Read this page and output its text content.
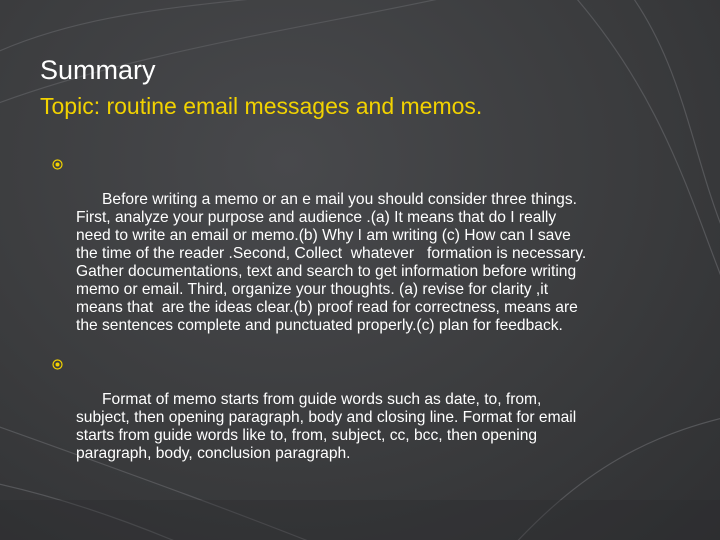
Summary
Topic: routine email messages and memos.

Before writing a memo or an e mail you should consider three things. First, analyze your purpose and audience .(a) It means that do I really need to write an email or memo.(b) Why I am writing (c) How can I save the time of the reader .Second, Collect  whatever   formation is necessary. Gather documentations, text and search to get information before writing memo or email. Third, organize your thoughts. (a) revise for clarity ,it means that  are the ideas clear.(b) proof read for correctness, means are the sentences complete and punctuated properly.(c) plan for feedback.

Format of memo starts from guide words such as date, to, from, subject, then opening paragraph, body and closing line. Format for email starts from guide words like to, from, subject, cc, bcc, then opening paragraph, body, conclusion paragraph.
